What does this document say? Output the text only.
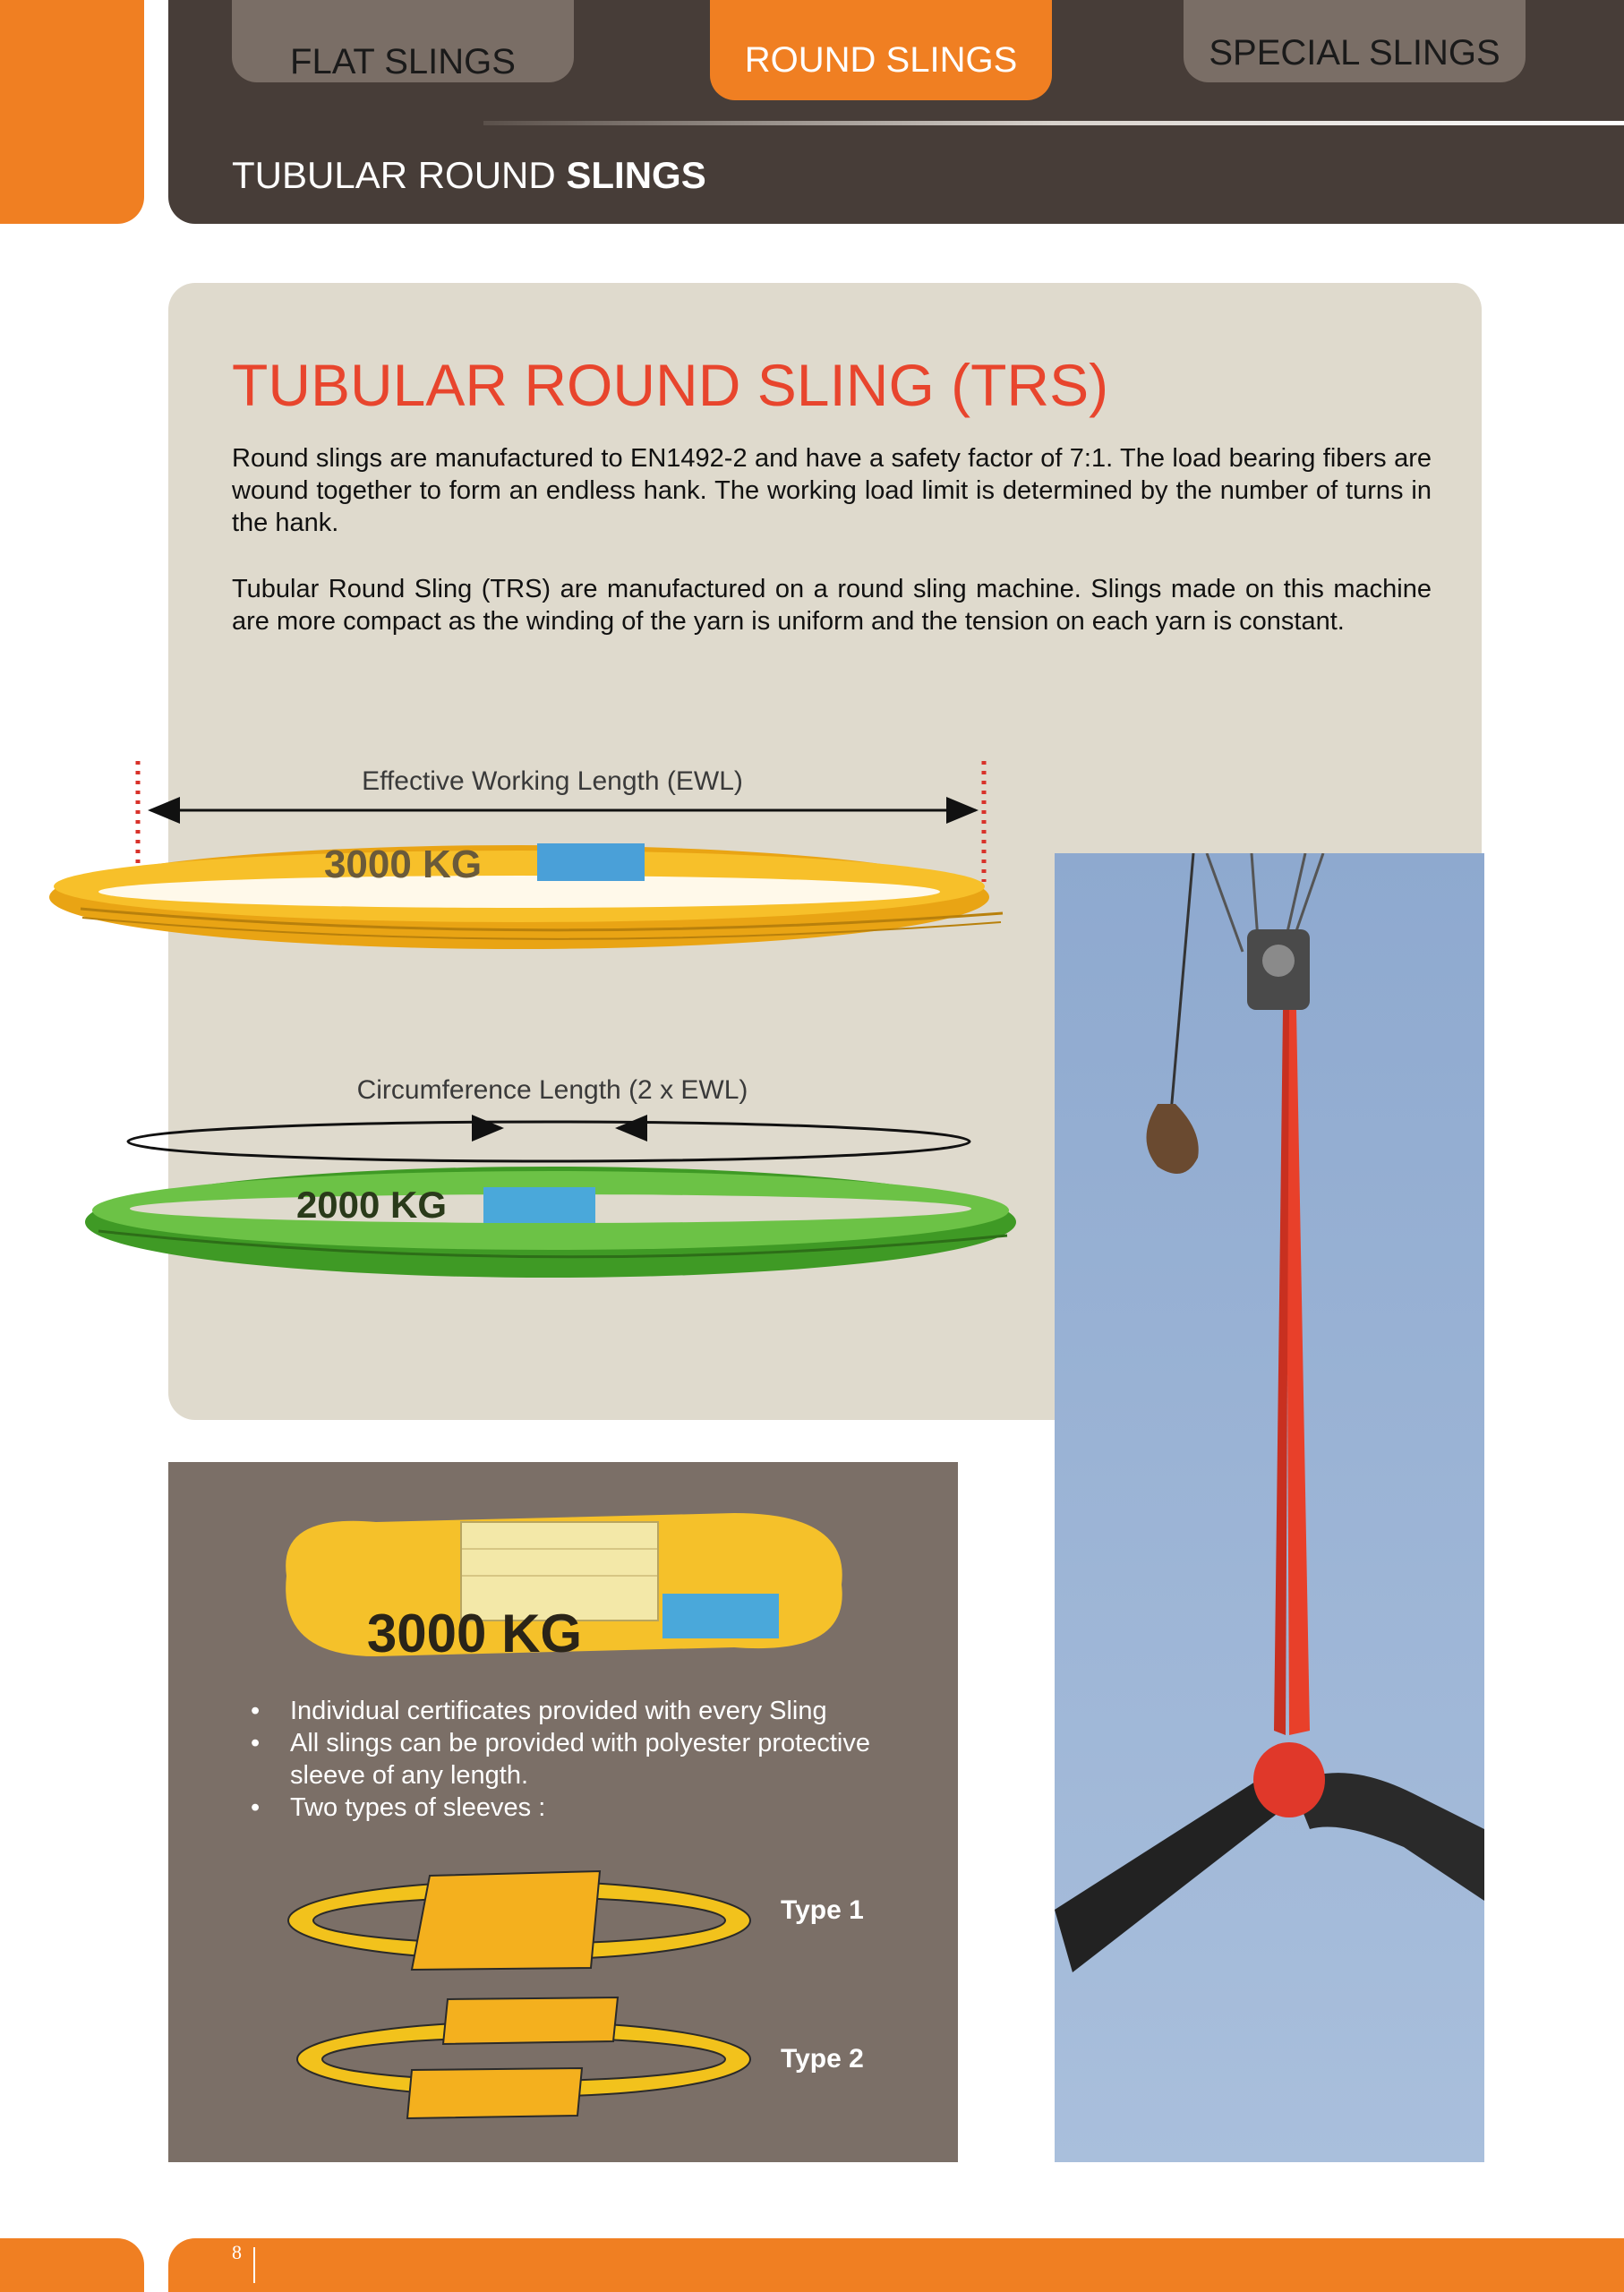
FLAT SLINGS	ROUND SLINGS	SPECIAL SLINGS
TUBULAR ROUND SLINGS
TUBULAR ROUND SLING (TRS)

Round slings are manufactured to EN1492-2 and have a safety factor of 7:1. The load bearing fibers are wound together to form an endless hank. The working load limit is determined by the number of turns in the hank.

Tubular Round Sling (TRS) are manufactured on a round sling machine. Slings made on this machine are more compact as the winding of the yarn is uniform and the tension on each yarn is constant.

Effective Working Length (EWL)
3000 KG
Circumference Length (2 x EWL)
2000 KG
3000 KG
• Individual certificates provided with every Sling
• All slings can be provided with polyester protective sleeve of any length.
• Two types of sleeves :
Type 1
Type 2
8
